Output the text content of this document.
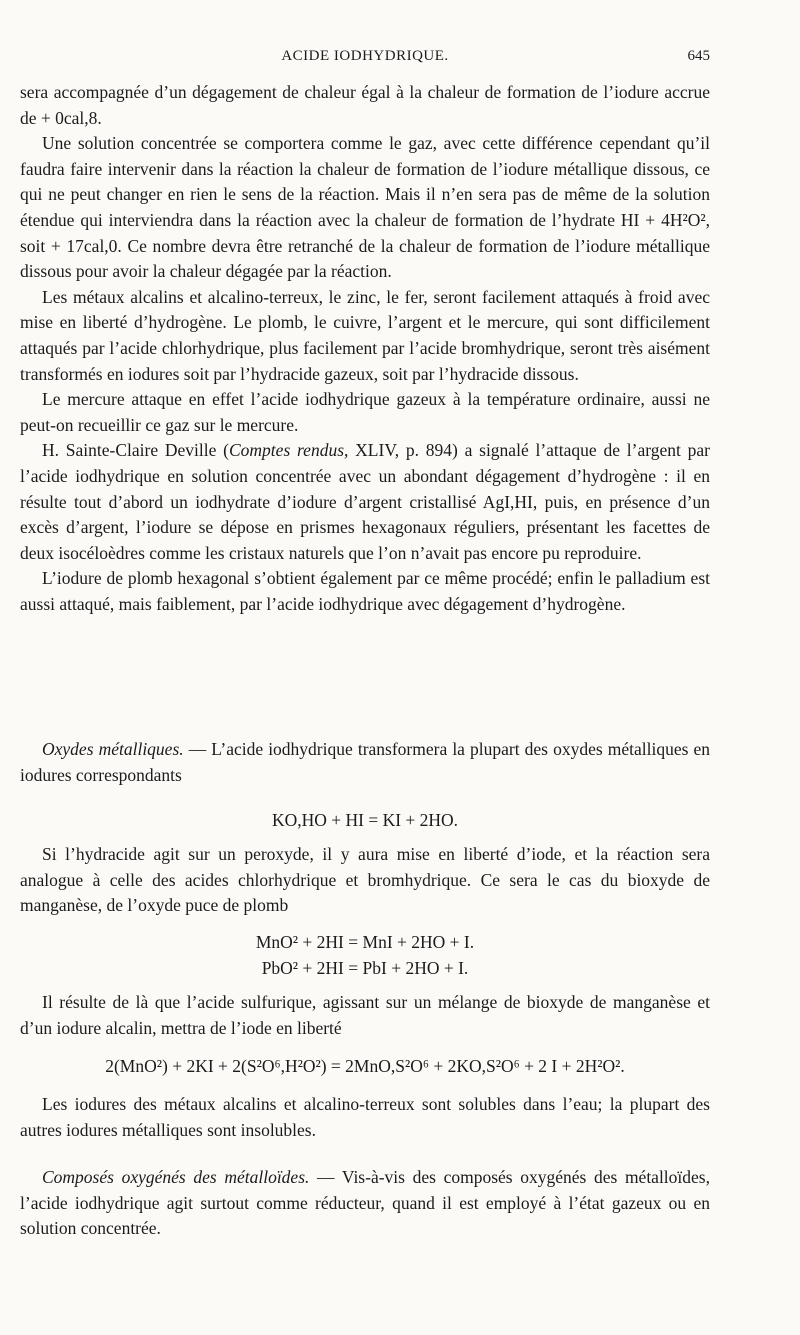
ACIDE IODHYDRIQUE.	645

sera accompagnée d’un dégagement de chaleur égal à la chaleur de formation de l’iodure accrue de + 0cal,8.

Une solution concentrée se comportera comme le gaz, avec cette différence cependant qu’il faudra faire intervenir dans la réaction la chaleur de formation de l’iodure métallique dissous, ce qui ne peut changer en rien le sens de la réaction. Mais il n’en sera pas de même de la solution étendue qui interviendra dans la réaction avec la chaleur de formation de l’hydrate HI + 4H²O², soit + 17cal,0. Ce nombre devra être retranché de la chaleur de formation de l’iodure métallique dissous pour avoir la chaleur dégagée par la réaction.

Les métaux alcalins et alcalino-terreux, le zinc, le fer, seront facilement attaqués à froid avec mise en liberté d’hydrogène. Le plomb, le cuivre, l’argent et le mercure, qui sont difficilement attaqués par l’acide chlorhydrique, plus facilement par l’acide bromhydrique, seront très aisément transformés en iodures soit par l’hydracide gazeux, soit par l’hydracide dissous.

Le mercure attaque en effet l’acide iodhydrique gazeux à la température ordinaire, aussi ne peut-on recueillir ce gaz sur le mercure.

H. Sainte-Claire Deville (Comptes rendus, XLIV, p. 894) a signalé l’attaque de l’argent par l’acide iodhydrique en solution concentrée avec un abondant dégagement d’hydrogène : il en résulte tout d’abord un iodhydrate d’iodure d’argent cristallisé AgI,HI, puis, en présence d’un excès d’argent, l’iodure se dépose en prismes hexagonaux réguliers, présentant les facettes de deux isocéloèdres comme les cristaux naturels que l’on n’avait pas encore pu reproduire.

L’iodure de plomb hexagonal s’obtient également par ce même procédé; enfin le palladium est aussi attaqué, mais faiblement, par l’acide iodhydrique avec dégagement d’hydrogène.

Oxydes métalliques. — L’acide iodhydrique transformera la plupart des oxydes métalliques en iodures correspondants

KO,HO + HI = KI + 2HO.

Si l’hydracide agit sur un peroxyde, il y aura mise en liberté d’iode, et la réaction sera analogue à celle des acides chlorhydrique et bromhydrique. Ce sera le cas du bioxyde de manganèse, de l’oxyde puce de plomb

MnO² + 2HI = MnI + 2HO + I.
PbO² + 2HI = PbI + 2HO + I.

Il résulte de là que l’acide sulfurique, agissant sur un mélange de bioxyde de manganèse et d’un iodure alcalin, mettra de l’iode en liberté

2(MnO²) + 2KI + 2(S²O⁶,H²O²) = 2MnO,S²O⁶ + 2KO,S²O⁶ + 2 I + 2H²O².

Les iodures des métaux alcalins et alcalino-terreux sont solubles dans l’eau; la plupart des autres iodures métalliques sont insolubles.

Composés oxygénés des métalloïdes. — Vis-à-vis des composés oxygénés des métalloïdes, l’acide iodhydrique agit surtout comme réducteur, quand il est employé à l’état gazeux ou en solution concentrée.
